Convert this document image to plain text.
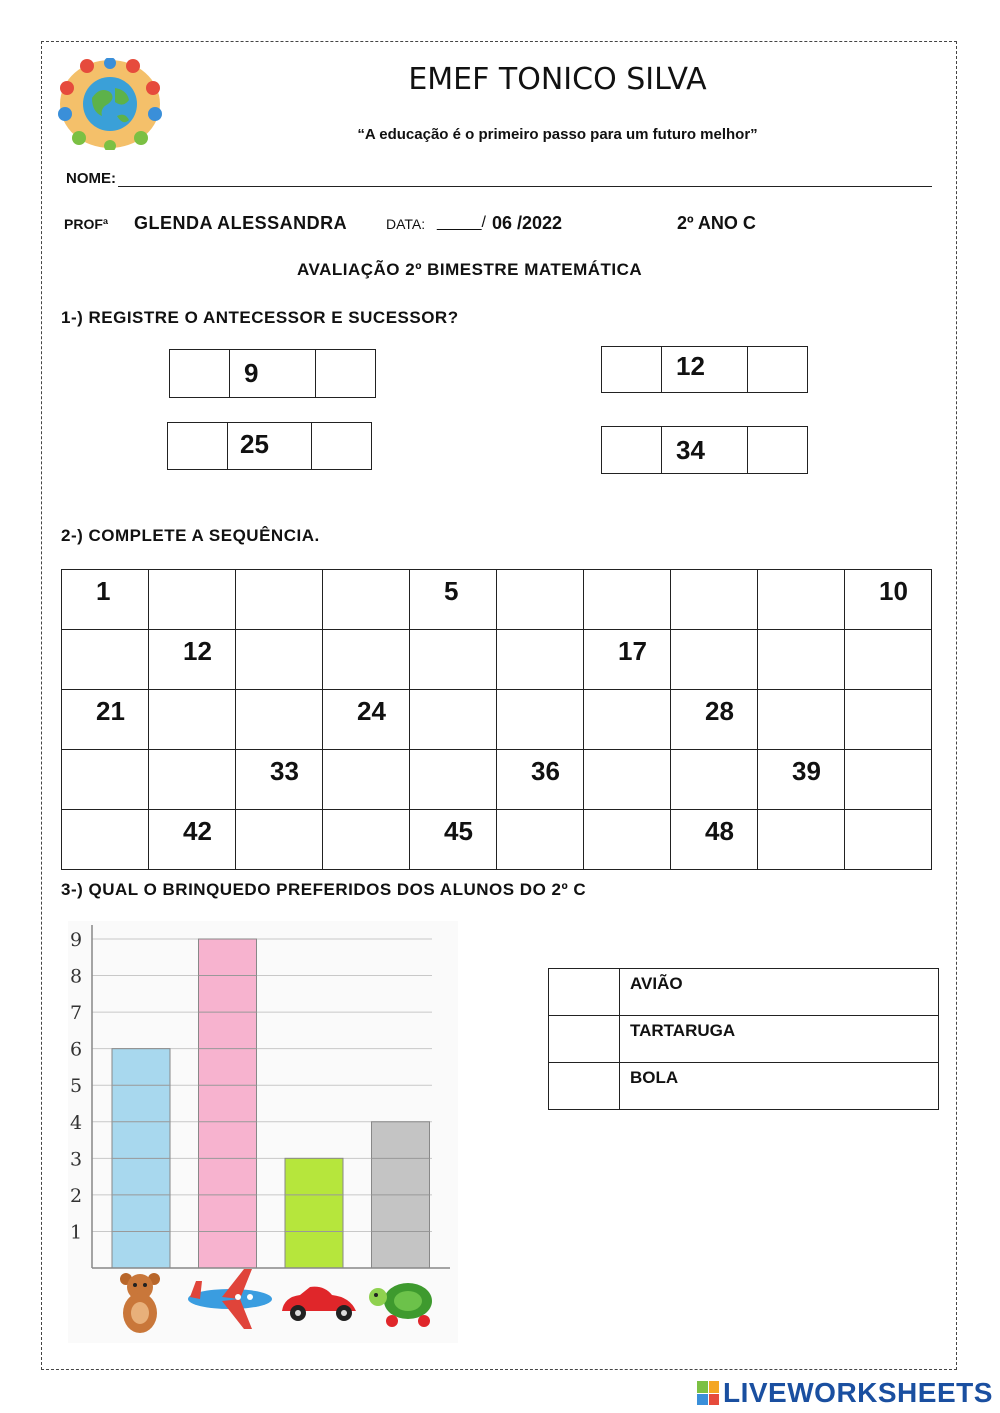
EMEF TONICO SILVA
“A educação é o primeiro passo para um futuro melhor”
NOME:
PROFª GLENDA ALESSANDRA	DATA: _____/ 06 /2022	2º ANO C
AVALIAÇÃO 2º BIMESTRE MATEMÁTICA
1-) REGISTRE O ANTECESSOR E SUCESSOR?
	9	
		12	
	25	
		34	
2-) COMPLETE A SEQUÊNCIA.
1				5					10
	12					17			
21			24				28		
		33			36			39	
	42			45			48		
3-) QUAL O BRINQUEDO PREFERIDOS DOS ALUNOS DO 2º C
1
2
3
4
5
6
7
8
9
	AVIÃO
	TARTARUGA
	BOLA
LIVEWORKSHEETS
